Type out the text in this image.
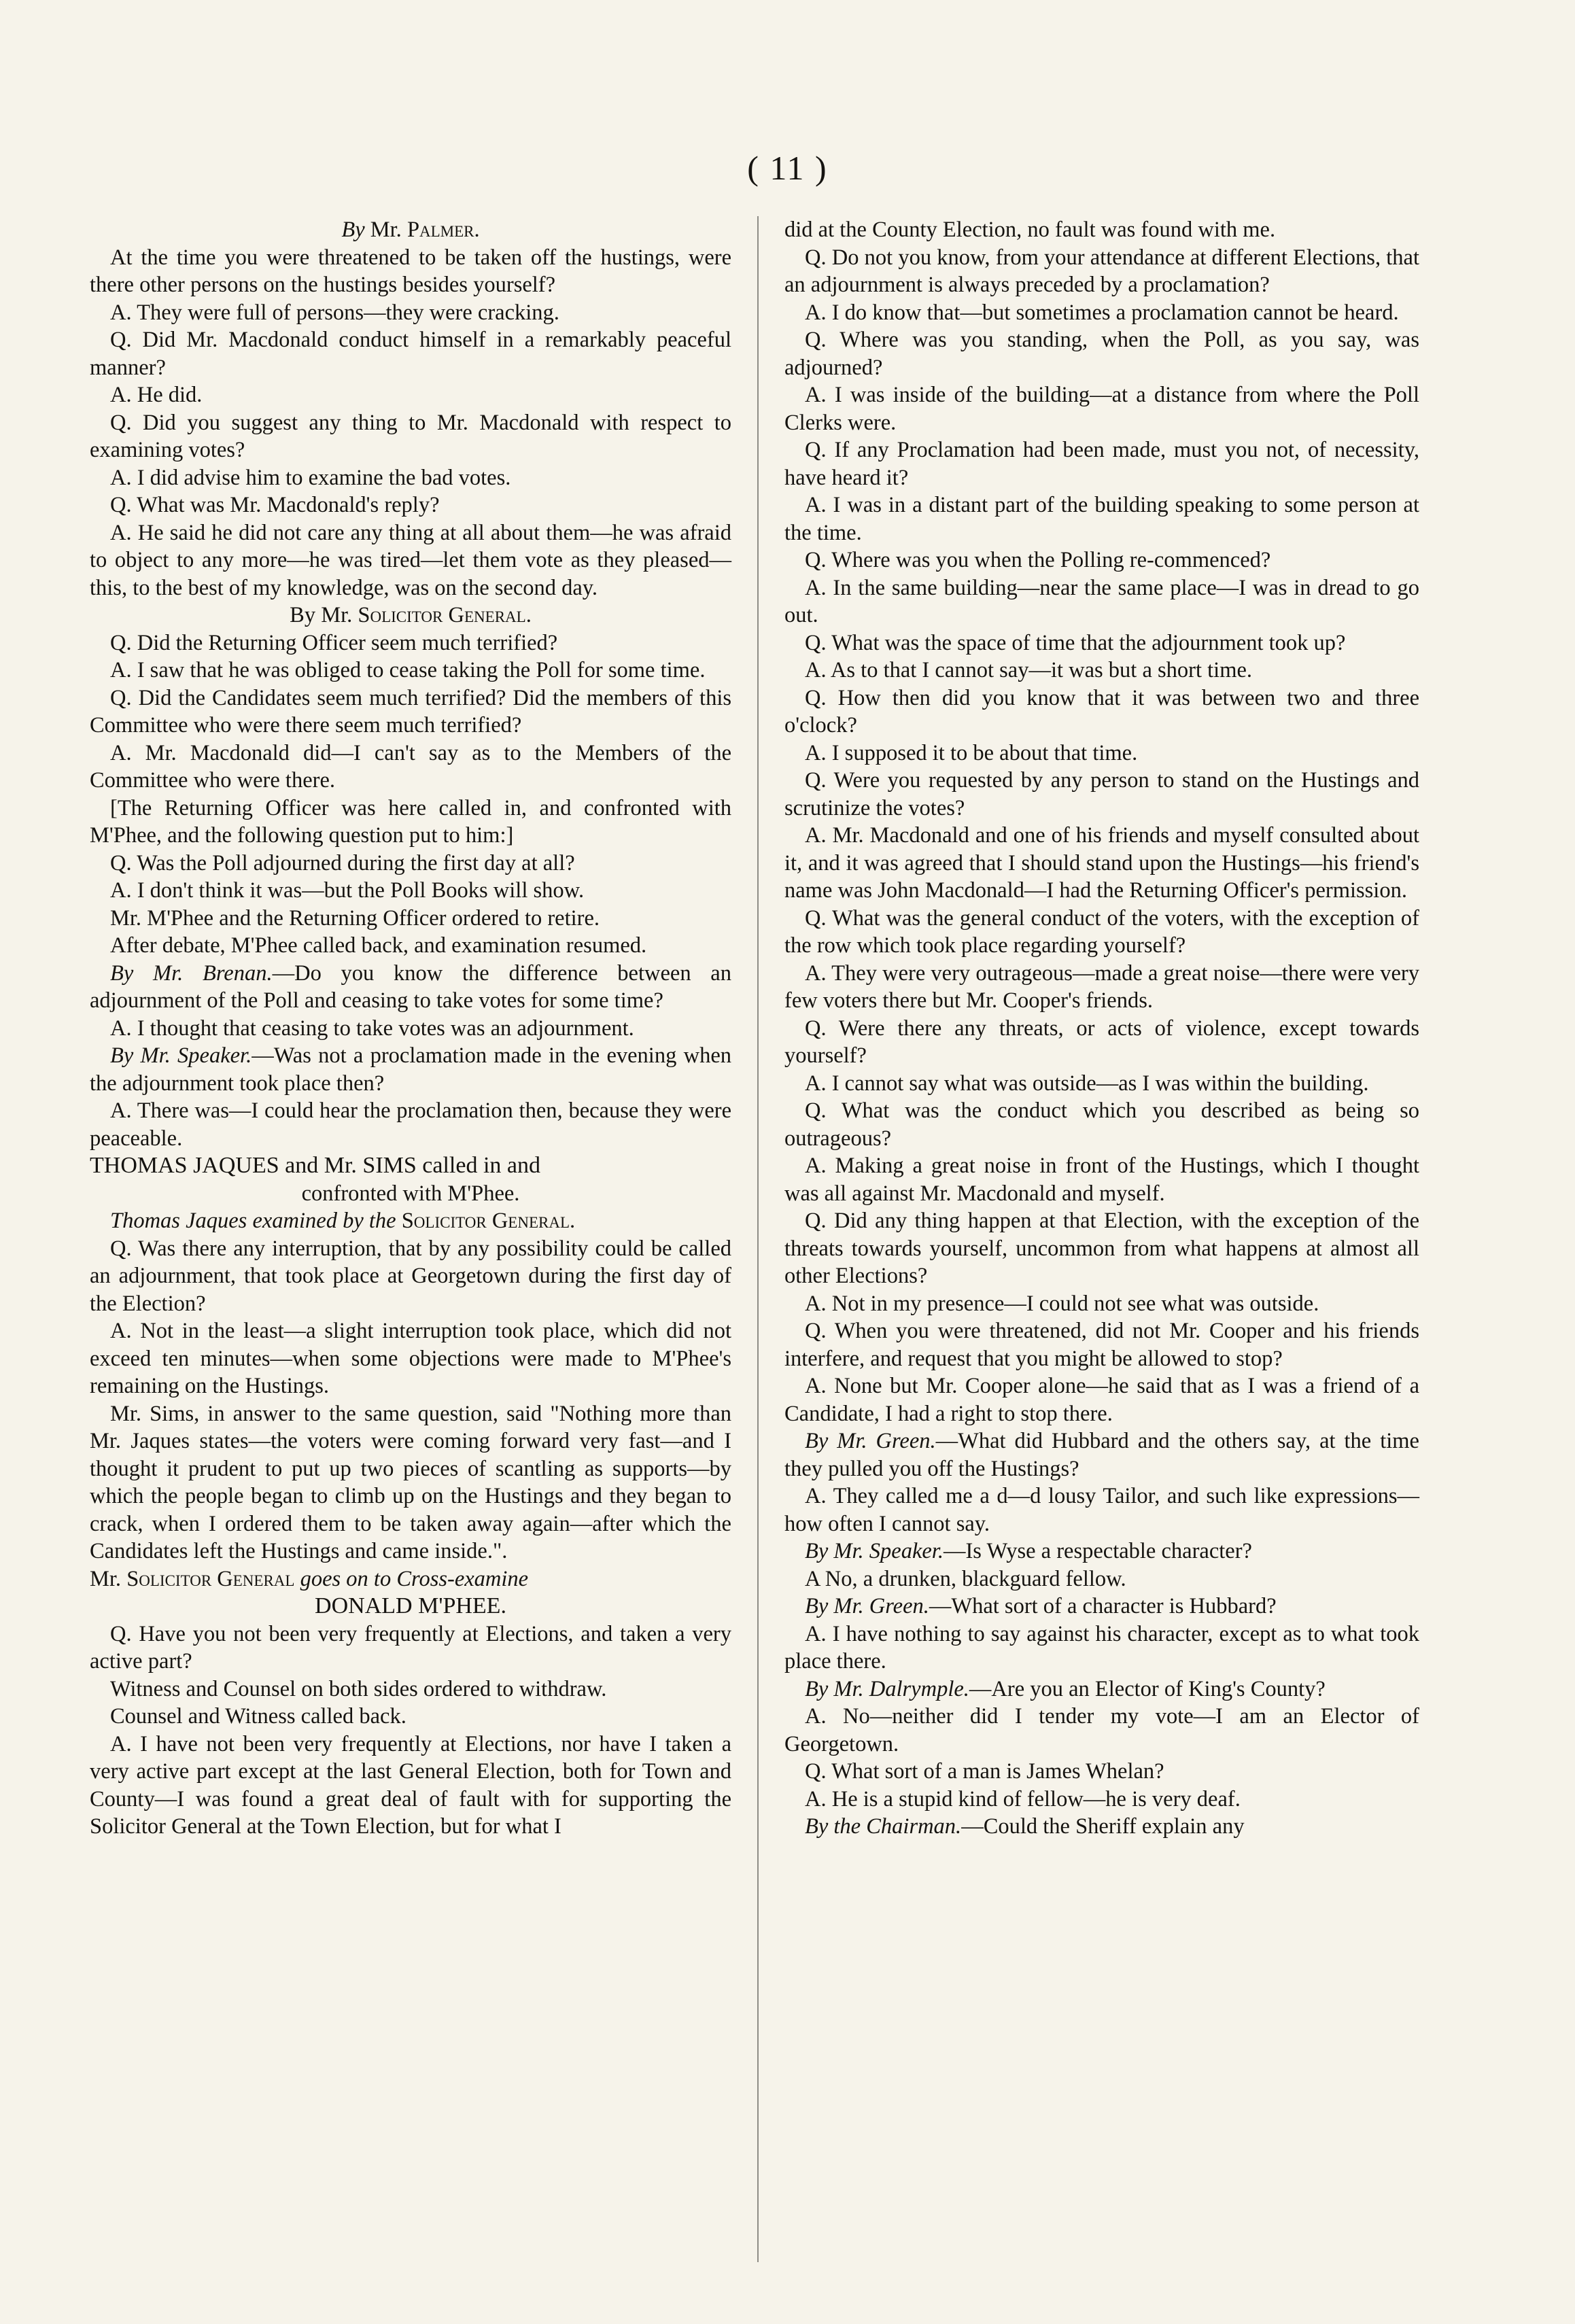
( 11 )

By Mr. Palmer.

At the time you were threatened to be taken off the hustings, were there other persons on the hustings besides yourself?

A. They were full of persons—they were cracking.

Q. Did Mr. Macdonald conduct himself in a remarkably peaceful manner?

A. He did.

Q. Did you suggest any thing to Mr. Macdonald with respect to examining votes?

A. I did advise him to examine the bad votes.

Q. What was Mr. Macdonald's reply?

A. He said he did not care any thing at all about them—he was afraid to object to any more—he was tired—let them vote as they pleased—this, to the best of my knowledge, was on the second day.

By Mr. Solicitor General.

Q. Did the Returning Officer seem much terrified?

A. I saw that he was obliged to cease taking the Poll for some time.

Q. Did the Candidates seem much terrified? Did the members of this Committee who were there seem much terrified?

A. Mr. Macdonald did—I can't say as to the Members of the Committee who were there.

[The Returning Officer was here called in, and confronted with M'Phee, and the following question put to him:]

Q. Was the Poll adjourned during the first day at all?

A. I don't think it was—but the Poll Books will show.

Mr. M'Phee and the Returning Officer ordered to retire.

After debate, M'Phee called back, and examination resumed.

By Mr. Brenan.—Do you know the difference between an adjournment of the Poll and ceasing to take votes for some time?

A. I thought that ceasing to take votes was an adjournment.

By Mr. Speaker.—Was not a proclamation made in the evening when the adjournment took place then?

A. There was—I could hear the proclamation then, because they were peaceable.

THOMAS JAQUES and Mr. SIMS called in and

confronted with M'Phee.

Thomas Jaques examined by the Solicitor General.

Q. Was there any interruption, that by any possibility could be called an adjournment, that took place at Georgetown during the first day of the Election?

A. Not in the least—a slight interruption took place, which did not exceed ten minutes—when some objections were made to M'Phee's remaining on the Hustings.

Mr. Sims, in answer to the same question, said "Nothing more than Mr. Jaques states—the voters were coming forward very fast—and I thought it prudent to put up two pieces of scantling as supports—by which the people began to climb up on the Hustings and they began to crack, when I ordered them to be taken away again—after which the Candidates left the Hustings and came inside.".

Mr. Solicitor General goes on to Cross-examine

DONALD M'PHEE.

Q. Have you not been very frequently at Elections, and taken a very active part?

Witness and Counsel on both sides ordered to withdraw.

Counsel and Witness called back.

A. I have not been very frequently at Elections, nor have I taken a very active part except at the last General Election, both for Town and County—I was found a great deal of fault with for supporting the Solicitor General at the Town Election, but for what I

did at the County Election, no fault was found with me.

Q. Do not you know, from your attendance at different Elections, that an adjournment is always preceded by a proclamation?

A. I do know that—but sometimes a proclamation cannot be heard.

Q. Where was you standing, when the Poll, as you say, was adjourned?

A. I was inside of the building—at a distance from where the Poll Clerks were.

Q. If any Proclamation had been made, must you not, of necessity, have heard it?

A. I was in a distant part of the building speaking to some person at the time.

Q. Where was you when the Polling re-commenced?

A. In the same building—near the same place—I was in dread to go out.

Q. What was the space of time that the adjournment took up?

A. As to that I cannot say—it was but a short time.

Q. How then did you know that it was between two and three o'clock?

A. I supposed it to be about that time.

Q. Were you requested by any person to stand on the Hustings and scrutinize the votes?

A. Mr. Macdonald and one of his friends and myself consulted about it, and it was agreed that I should stand upon the Hustings—his friend's name was John Macdonald—I had the Returning Officer's permission.

Q. What was the general conduct of the voters, with the exception of the row which took place regarding yourself?

A. They were very outrageous—made a great noise—there were very few voters there but Mr. Cooper's friends.

Q. Were there any threats, or acts of violence, except towards yourself?

A. I cannot say what was outside—as I was within the building.

Q. What was the conduct which you described as being so outrageous?

A. Making a great noise in front of the Hustings, which I thought was all against Mr. Macdonald and myself.

Q. Did any thing happen at that Election, with the exception of the threats towards yourself, uncommon from what happens at almost all other Elections?

A. Not in my presence—I could not see what was outside.

Q. When you were threatened, did not Mr. Cooper and his friends interfere, and request that you might be allowed to stop?

A. None but Mr. Cooper alone—he said that as I was a friend of a Candidate, I had a right to stop there.

By Mr. Green.—What did Hubbard and the others say, at the time they pulled you off the Hustings?

A. They called me a d—d lousy Tailor, and such like expressions—how often I cannot say.

By Mr. Speaker.—Is Wyse a respectable character?

A No, a drunken, blackguard fellow.

By Mr. Green.—What sort of a character is Hubbard?

A. I have nothing to say against his character, except as to what took place there.

By Mr. Dalrymple.—Are you an Elector of King's County?

A. No—neither did I tender my vote—I am an Elector of Georgetown.

Q. What sort of a man is James Whelan?

A. He is a stupid kind of fellow—he is very deaf.

By the Chairman.—Could the Sheriff explain any
